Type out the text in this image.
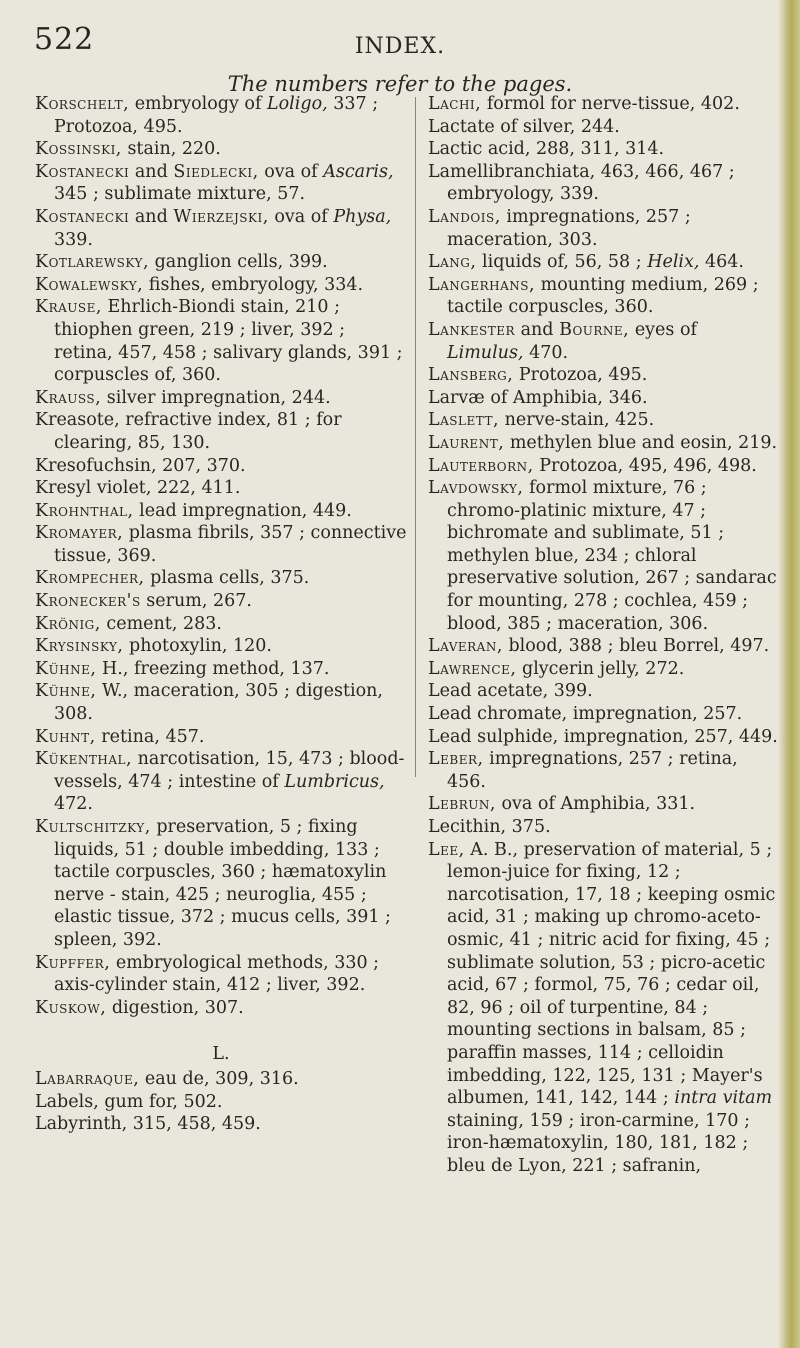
522	INDEX.
The numbers refer to the pages.

Korschelt, embryology of Loligo, 337 ; Protozoa, 495.

Kossinski, stain, 220.

Kostanecki and Siedlecki, ova of Ascaris, 345 ; sublimate mixture, 57.

Kostanecki and Wierzejski, ova of Physa, 339.

Kotlarewsky, ganglion cells, 399.

Kowalewsky, fishes, embryology, 334.

Krause, Ehrlich-Biondi stain, 210 ; thiophen green, 219 ; liver, 392 ; retina, 457, 458 ; salivary glands, 391 ; corpuscles of, 360.

Krauss, silver impregnation, 244.

Kreasote, refractive index, 81 ; for clearing, 85, 130.

Kresofuchsin, 207, 370.

Kresyl violet, 222, 411.

Krohnthal, lead impregnation, 449.

Kromayer, plasma fibrils, 357 ; connective tissue, 369.

Krompecher, plasma cells, 375.

Kronecker's serum, 267.

Krönig, cement, 283.

Krysinsky, photoxylin, 120.

Kühne, H., freezing method, 137.

Kühne, W., maceration, 305 ; digestion, 308.

Kuhnt, retina, 457.

Kükenthal, narcotisation, 15, 473 ; blood-vessels, 474 ; intestine of Lumbricus, 472.

Kultschitzky, preservation, 5 ; fixing liquids, 51 ; double imbedding, 133 ; tactile corpuscles, 360 ; hæmatoxylin nerve - stain, 425 ; neuroglia, 455 ; elastic tissue, 372 ; mucus cells, 391 ; spleen, 392.

Kupffer, embryological methods, 330 ; axis-cylinder stain, 412 ; liver, 392.

Kuskow, digestion, 307.

L.

Labarraque, eau de, 309, 316.

Labels, gum for, 502.

Labyrinth, 315, 458, 459.

Lachi, formol for nerve-tissue, 402.

Lactate of silver, 244.

Lactic acid, 288, 311, 314.

Lamellibranchiata, 463, 466, 467 ; embryology, 339.

Landois, impregnations, 257 ; maceration, 303.

Lang, liquids of, 56, 58 ; Helix, 464.

Langerhans, mounting medium, 269 ; tactile corpuscles, 360.

Lankester and Bourne, eyes of Limulus, 470.

Lansberg, Protozoa, 495.

Larvæ of Amphibia, 346.

Laslett, nerve-stain, 425.

Laurent, methylen blue and eosin, 219.

Lauterborn, Protozoa, 495, 496, 498.

Lavdowsky, formol mixture, 76 ; chromo-platinic mixture, 47 ; bichromate and sublimate, 51 ; methylen blue, 234 ; chloral preservative solution, 267 ; sandarac for mounting, 278 ; cochlea, 459 ; blood, 385 ; maceration, 306.

Laveran, blood, 388 ; bleu Borrel, 497.

Lawrence, glycerin jelly, 272.

Lead acetate, 399.

Lead chromate, impregnation, 257.

Lead sulphide, impregnation, 257, 449.

Leber, impregnations, 257 ; retina, 456.

Lebrun, ova of Amphibia, 331.

Lecithin, 375.

Lee, A. B., preservation of material, 5 ; lemon-juice for fixing, 12 ; narcotisation, 17, 18 ; keeping osmic acid, 31 ; making up chromo-aceto-osmic, 41 ; nitric acid for fixing, 45 ; sublimate solution, 53 ; picro-acetic acid, 67 ; formol, 75, 76 ; cedar oil, 82, 96 ; oil of turpentine, 84 ; mounting sections in balsam, 85 ; paraffin masses, 114 ; celloidin imbedding, 122, 125, 131 ; Mayer's albumen, 141, 142, 144 ; intra vitam staining, 159 ; iron-carmine, 170 ; iron-hæmatoxylin, 180, 181, 182 ; bleu de Lyon, 221 ; safranin,
